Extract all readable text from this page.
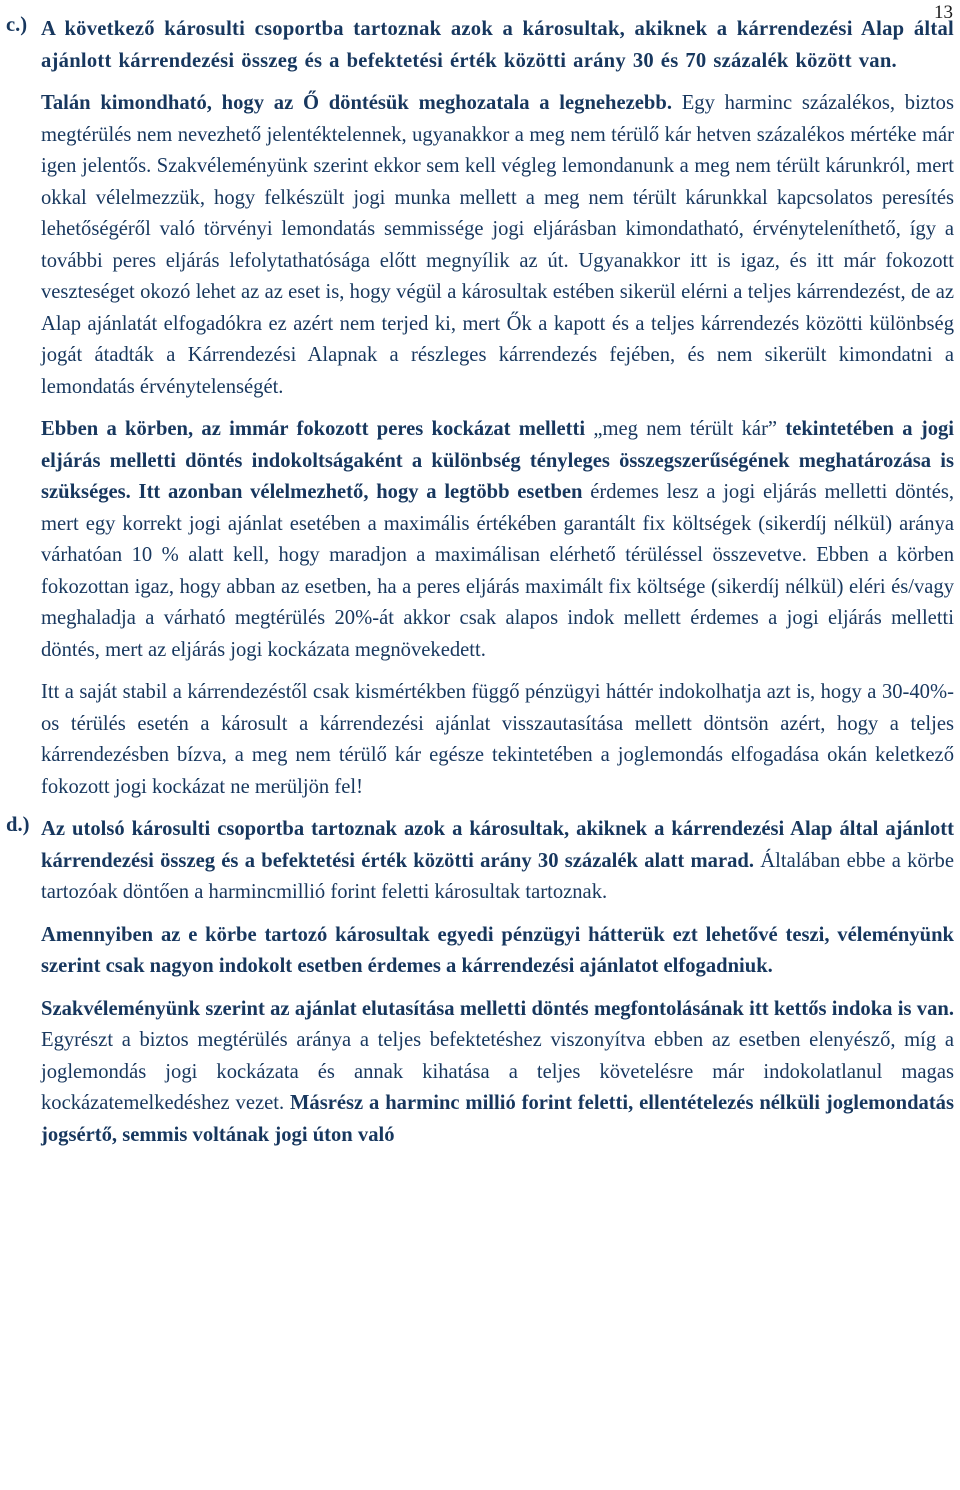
13
c.) A következő károsulti csoportba tartoznak azok a károsultak, akiknek a kárrendezési Alap által ajánlott kárrendezési összeg és a befektetési érték közötti arány 30 és 70 százalék között van.

Talán kimondható, hogy az Ő döntésük meghozatala a legnehezebb. Egy harminc százalékos, biztos megtérülés nem nevezhető jelentéktelennek, ugyanakkor a meg nem térülő kár hetven százalékos mértéke már igen jelentős. Szakvéleményünk szerint ekkor sem kell végleg lemondanunk a meg nem térült kárunkról, mert okkal vélelmezzük, hogy felkészült jogi munka mellett a meg nem térült kárunkkal kapcsolatos peresítés lehetőségéről való törvényi lemondatás semmissége jogi eljárásban kimondatható, érvényteleníthető, így a további peres eljárás lefolytathatósága előtt megnyílik az út. Ugyanakkor itt is igaz, és itt már fokozott veszteséget okozó lehet az az eset is, hogy végül a károsultak estében sikerül elérni a teljes kárrendezést, de az Alap ajánlatát elfogadókra ez azért nem terjed ki, mert Ők a kapott és a teljes kárrendezés közötti különbség jogát átadták a Kárrendezési Alapnak a részleges kárrendezés fejében, és nem sikerült kimondatni a lemondatás érvénytelenségét.

Ebben a körben, az immár fokozott peres kockázat melletti „meg nem térült kár” tekintetében a jogi eljárás melletti döntés indokoltságaként a különbség tényleges összegszerűségének meghatározása is szükséges. Itt azonban vélelmezhető, hogy a legtöbb esetben érdemes lesz a jogi eljárás melletti döntés, mert egy korrekt jogi ajánlat esetében a maximális értékében garantált fix költségek (sikerdíj nélkül) aránya várhatóan 10 % alatt kell, hogy maradjon a maximálisan elérhető térüléssel összevetve. Ebben a körben fokozottan igaz, hogy abban az esetben, ha a peres eljárás maximált fix költsége (sikerdíj nélkül) eléri és/vagy meghaladja a várható megtérülés 20%-át akkor csak alapos indok mellett érdemes a jogi eljárás melletti döntés, mert az eljárás jogi kockázata megnövekedett.

Itt a saját stabil a kárrendezéstől csak kismértékben függő pénzügyi háttér indokolhatja azt is, hogy a 30-40%-os térülés esetén a károsult a kárrendezési ajánlat visszautasítása mellett döntsön azért, hogy a teljes kárrendezésben bízva, a meg nem térülő kár egésze tekintetében a joglemondás elfogadása okán keletkező fokozott jogi kockázat ne merüljön fel!

d.) Az utolsó károsulti csoportba tartoznak azok a károsultak, akiknek a kárrendezési Alap által ajánlott kárrendezési összeg és a befektetési érték közötti arány 30 százalék alatt marad. Általában ebbe a körbe tartozóak döntően a harmincmillió forint feletti károsultak tartoznak.

Amennyiben az e körbe tartozó károsultak egyedi pénzügyi hátterük ezt lehetővé teszi, véleményünk szerint csak nagyon indokolt esetben érdemes a kárrendezési ajánlatot elfogadniuk.

Szakvéleményünk szerint az ajánlat elutasítása melletti döntés megfontolásának itt kettős indoka is van. Egyrészt a biztos megtérülés aránya a teljes befektetéshez viszonyítva ebben az esetben elenyésző, míg a joglemondás jogi kockázata és annak kihatása a teljes követelésre már indokolatlanul magas kockázatemelkedéshez vezet. Másrész a harminc millió forint feletti, ellentételezés nélküli joglemondatás jogsértő, semmis voltának jogi úton való
